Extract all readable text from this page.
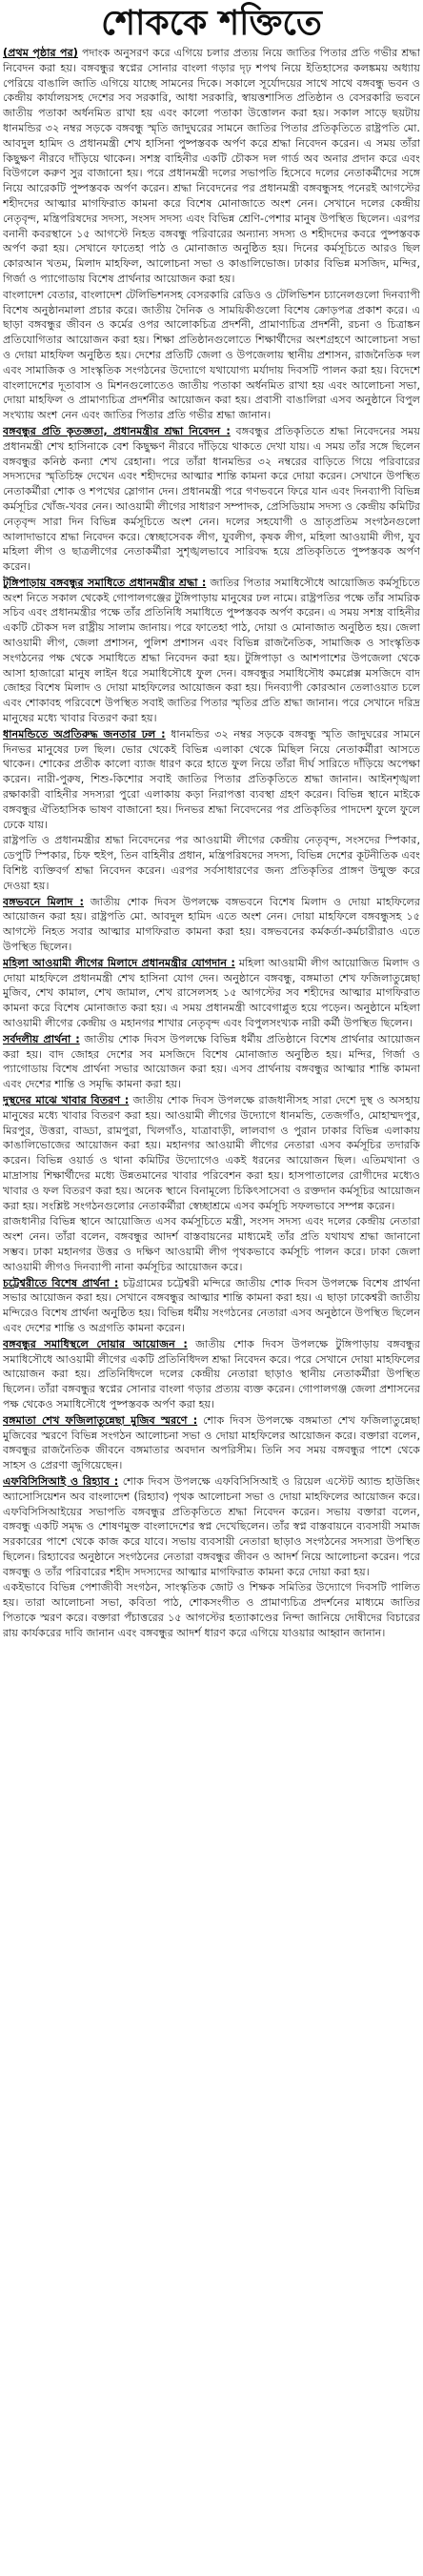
শোককে শক্তিতে

(প্রথম পৃষ্ঠার পর) পদাংক অনুসরণ করে এগিয়ে চলার প্রত্যয় নিয়ে জাতির পিতার প্রতি গভীর শ্রদ্ধা নিবেদন করা হয়। বঙ্গবন্ধুর স্বপ্নের সোনার বাংলা গড়ার দৃঢ় শপথ নিয়ে ইতিহাসের কলঙ্কময় অধ্যায় পেরিয়ে বাঙালি জাতি এগিয়ে যাচ্ছে সামনের দিকে। সকালে সূর্যোদয়ের সাথে সাথে বঙ্গবন্ধু ভবন ও কেন্দ্রীয় কার্যালয়সহ দেশের সব সরকারি, আধা সরকারি, স্বায়ত্তশাসিত প্রতিষ্ঠান ও বেসরকারি ভবনে জাতীয় পতাকা অর্ধনমিত রাখা হয় এবং কালো পতাকা উত্তোলন করা হয়। সকাল সাড়ে ছয়টায় ধানমন্ডির ৩২ নম্বর সড়কে বঙ্গবন্ধু স্মৃতি জাদুঘরের সামনে জাতির পিতার প্রতিকৃতিতে রাষ্ট্রপতি মো. আবদুল হামিদ ও প্রধানমন্ত্রী শেখ হাসিনা পুষ্পস্তবক অর্পণ করে শ্রদ্ধা নিবেদন করেন। এ সময় তাঁরা কিছুক্ষণ নীরবে দাঁড়িয়ে থাকেন। সশস্ত্র বাহিনীর একটি চৌকস দল গার্ড অব অনার প্রদান করে এবং বিউগলে করুণ সুর বাজানো হয়। পরে প্রধানমন্ত্রী দলের সভাপতি হিসেবে দলের নেতাকর্মীদের সঙ্গে নিয়ে আরেকটি পুষ্পস্তবক অর্পণ করেন। শ্রদ্ধা নিবেদনের পর প্রধানমন্ত্রী বঙ্গবন্ধুসহ পনেরই আগস্টের শহীদদের আত্মার মাগফিরাত কামনা করে বিশেষ মোনাজাতে অংশ নেন। সেখানে দলের কেন্দ্রীয় নেতৃবৃন্দ, মন্ত্রিপরিষদের সদস্য, সংসদ সদস্য এবং বিভিন্ন শ্রেণি-পেশার মানুষ উপস্থিত ছিলেন। এরপর বনানী কবরস্থানে ১৫ আগস্টে নিহত বঙ্গবন্ধু পরিবারের অন্যান্য সদস্য ও শহীদদের কবরে পুষ্পস্তবক অর্পণ করা হয়। সেখানে ফাতেহা পাঠ ও মোনাজাত অনুষ্ঠিত হয়। দিনের কর্মসূচিতে আরও ছিল কোরআন খতম, মিলাদ মাহফিল, আলোচনা সভা ও কাঙালিভোজ। ঢাকার বিভিন্ন মসজিদ, মন্দির, গির্জা ও প্যাগোডায় বিশেষ প্রার্থনার আয়োজন করা হয়।

বাংলাদেশ বেতার, বাংলাদেশ টেলিভিশনসহ বেসরকারি রেডিও ও টেলিভিশন চ্যানেলগুলো দিনব্যাপী বিশেষ অনুষ্ঠানমালা প্রচার করে। জাতীয় দৈনিক ও সাময়িকীগুলো বিশেষ ক্রোড়পত্র প্রকাশ করে। এ ছাড়া বঙ্গবন্ধুর জীবন ও কর্মের ওপর আলোকচিত্র প্রদর্শনী, প্রামাণ্যচিত্র প্রদর্শনী, রচনা ও চিত্রাঙ্কন প্রতিযোগিতার আয়োজন করা হয়। শিক্ষা প্রতিষ্ঠানগুলোতে শিক্ষার্থীদের অংশগ্রহণে আলোচনা সভা ও দোয়া মাহফিল অনুষ্ঠিত হয়। দেশের প্রতিটি জেলা ও উপজেলায় স্থানীয় প্রশাসন, রাজনৈতিক দল এবং সামাজিক ও সাংস্কৃতিক সংগঠনের উদ্যোগে যথাযোগ্য মর্যাদায় দিবসটি পালন করা হয়। বিদেশে বাংলাদেশের দূতাবাস ও মিশনগুলোতেও জাতীয় পতাকা অর্ধনমিত রাখা হয় এবং আলোচনা সভা, দোয়া মাহফিল ও প্রামাণ্যচিত্র প্রদর্শনীর আয়োজন করা হয়। প্রবাসী বাঙালিরা এসব অনুষ্ঠানে বিপুল সংখ্যায় অংশ নেন এবং জাতির পিতার প্রতি গভীর শ্রদ্ধা জানান।

বঙ্গবন্ধুর প্রতি কৃতজ্ঞতা, প্রধানমন্ত্রীর শ্রদ্ধা নিবেদন : বঙ্গবন্ধুর প্রতিকৃতিতে শ্রদ্ধা নিবেদনের সময় প্রধানমন্ত্রী শেখ হাসিনাকে বেশ কিছুক্ষণ নীরবে দাঁড়িয়ে থাকতে দেখা যায়। এ সময় তাঁর সঙ্গে ছিলেন বঙ্গবন্ধুর কনিষ্ঠ কন্যা শেখ রেহানা। পরে তাঁরা ধানমন্ডির ৩২ নম্বরের বাড়িতে গিয়ে পরিবারের সদস্যদের স্মৃতিচিহ্ন দেখেন এবং শহীদদের আত্মার শান্তি কামনা করে দোয়া করেন। সেখানে উপস্থিত নেতাকর্মীরা শোক ও শপথের স্লোগান দেন। প্রধানমন্ত্রী পরে গণভবনে ফিরে যান এবং দিনব্যাপী বিভিন্ন কর্মসূচির খোঁজ-খবর নেন। আওয়ামী লীগের সাধারণ সম্পাদক, প্রেসিডিয়াম সদস্য ও কেন্দ্রীয় কমিটির নেতৃবৃন্দ সারা দিন বিভিন্ন কর্মসূচিতে অংশ নেন। দলের সহযোগী ও ভ্রাতৃপ্রতিম সংগঠনগুলো আলাদাভাবে শ্রদ্ধা নিবেদন করে। স্বেচ্ছাসেবক লীগ, যুবলীগ, কৃষক লীগ, মহিলা আওয়ামী লীগ, যুব মহিলা লীগ ও ছাত্রলীগের নেতাকর্মীরা সুশৃঙ্খলভাবে সারিবদ্ধ হয়ে প্রতিকৃতিতে পুষ্পস্তবক অর্পণ করেন।

টুঙ্গিপাড়ায় বঙ্গবন্ধুর সমাধিতে প্রধানমন্ত্রীর শ্রদ্ধা : জাতির পিতার সমাধিসৌধে আয়োজিত কর্মসূচিতে অংশ নিতে সকাল থেকেই গোপালগঞ্জের টুঙ্গিপাড়ায় মানুষের ঢল নামে। রাষ্ট্রপতির পক্ষে তাঁর সামরিক সচিব এবং প্রধানমন্ত্রীর পক্ষে তাঁর প্রতিনিধি সমাধিতে পুষ্পস্তবক অর্পণ করেন। এ সময় সশস্ত্র বাহিনীর একটি চৌকস দল রাষ্ট্রীয় সালাম জানায়। পরে ফাতেহা পাঠ, দোয়া ও মোনাজাত অনুষ্ঠিত হয়। জেলা আওয়ামী লীগ, জেলা প্রশাসন, পুলিশ প্রশাসন এবং বিভিন্ন রাজনৈতিক, সামাজিক ও সাংস্কৃতিক সংগঠনের পক্ষ থেকে সমাধিতে শ্রদ্ধা নিবেদন করা হয়। টুঙ্গিপাড়া ও আশপাশের উপজেলা থেকে আসা হাজারো মানুষ লাইন ধরে সমাধিসৌধে ফুল দেন। বঙ্গবন্ধুর সমাধিসৌধ কমপ্লেক্স মসজিদে বাদ জোহর বিশেষ মিলাদ ও দোয়া মাহফিলের আয়োজন করা হয়। দিনব্যাপী কোরআন তেলাওয়াত চলে এবং শোকাবহ পরিবেশে উপস্থিত সবাই জাতির পিতার স্মৃতির প্রতি শ্রদ্ধা জানান। পরে সেখানে দরিদ্র মানুষের মধ্যে খাবার বিতরণ করা হয়।

ধানমন্ডিতে অপ্রতিরুদ্ধ জনতার ঢল : ধানমন্ডির ৩২ নম্বর সড়কে বঙ্গবন্ধু স্মৃতি জাদুঘরের সামনে দিনভর মানুষের ঢল ছিল। ভোর থেকেই বিভিন্ন এলাকা থেকে মিছিল নিয়ে নেতাকর্মীরা আসতে থাকেন। শোকের প্রতীক কালো ব্যাজ ধারণ করে হাতে ফুল নিয়ে তাঁরা দীর্ঘ সারিতে দাঁড়িয়ে অপেক্ষা করেন। নারী-পুরুষ, শিশু-কিশোর সবাই জাতির পিতার প্রতিকৃতিতে শ্রদ্ধা জানান। আইনশৃঙ্খলা রক্ষাকারী বাহিনীর সদস্যরা পুরো এলাকায় কড়া নিরাপত্তা ব্যবস্থা গ্রহণ করেন। বিভিন্ন স্থানে মাইকে বঙ্গবন্ধুর ঐতিহাসিক ভাষণ বাজানো হয়। দিনভর শ্রদ্ধা নিবেদনের পর প্রতিকৃতির পাদদেশ ফুলে ফুলে ঢেকে যায়।

রাষ্ট্রপতি ও প্রধানমন্ত্রীর শ্রদ্ধা নিবেদনের পর আওয়ামী লীগের কেন্দ্রীয় নেতৃবৃন্দ, সংসদের স্পিকার, ডেপুটি স্পিকার, চিফ হুইপ, তিন বাহিনীর প্রধান, মন্ত্রিপরিষদের সদস্য, বিভিন্ন দেশের কূটনীতিক এবং বিশিষ্ট ব্যক্তিবর্গ শ্রদ্ধা নিবেদন করেন। এরপর সর্বসাধারণের জন্য প্রতিকৃতির প্রাঙ্গণ উন্মুক্ত করে দেওয়া হয়।

বঙ্গভবনে মিলাদ : জাতীয় শোক দিবস উপলক্ষে বঙ্গভবনে বিশেষ মিলাদ ও দোয়া মাহফিলের আয়োজন করা হয়। রাষ্ট্রপতি মো. আবদুল হামিদ এতে অংশ নেন। দোয়া মাহফিলে বঙ্গবন্ধুসহ ১৫ আগস্টে নিহত সবার আত্মার মাগফিরাত কামনা করা হয়। বঙ্গভবনের কর্মকর্তা-কর্মচারীরাও এতে উপস্থিত ছিলেন।

মহিলা আওয়ামী লীগের মিলাদে প্রধানমন্ত্রীর যোগদান : মহিলা আওয়ামী লীগ আয়োজিত মিলাদ ও দোয়া মাহফিলে প্রধানমন্ত্রী শেখ হাসিনা যোগ দেন। অনুষ্ঠানে বঙ্গবন্ধু, বঙ্গমাতা শেখ ফজিলাতুন্নেছা মুজিব, শেখ কামাল, শেখ জামাল, শেখ রাসেলসহ ১৫ আগস্টের সব শহীদের আত্মার মাগফিরাত কামনা করে বিশেষ মোনাজাত করা হয়। এ সময় প্রধানমন্ত্রী আবেগাপ্লুত হয়ে পড়েন। অনুষ্ঠানে মহিলা আওয়ামী লীগের কেন্দ্রীয় ও মহানগর শাখার নেতৃবৃন্দ এবং বিপুলসংখ্যক নারী কর্মী উপস্থিত ছিলেন।

সর্বদলীয় প্রার্থনা : জাতীয় শোক দিবস উপলক্ষে বিভিন্ন ধর্মীয় প্রতিষ্ঠানে বিশেষ প্রার্থনার আয়োজন করা হয়। বাদ জোহর দেশের সব মসজিদে বিশেষ মোনাজাত অনুষ্ঠিত হয়। মন্দির, গির্জা ও প্যাগোডায় বিশেষ প্রার্থনা সভার আয়োজন করা হয়। এসব প্রার্থনায় বঙ্গবন্ধুর আত্মার শান্তি কামনা এবং দেশের শান্তি ও সমৃদ্ধি কামনা করা হয়।

দুস্থদের মাঝে খাবার বিতরণ : জাতীয় শোক দিবস উপলক্ষে রাজধানীসহ সারা দেশে দুস্থ ও অসহায় মানুষের মধ্যে খাবার বিতরণ করা হয়। আওয়ামী লীগের উদ্যোগে ধানমন্ডি, তেজগাঁও, মোহাম্মদপুর, মিরপুর, উত্তরা, বাড্ডা, রামপুরা, খিলগাঁও, যাত্রাবাড়ী, লালবাগ ও পুরান ঢাকার বিভিন্ন এলাকায় কাঙালিভোজের আয়োজন করা হয়। মহানগর আওয়ামী লীগের নেতারা এসব কর্মসূচির তদারকি করেন। বিভিন্ন ওয়ার্ড ও থানা কমিটির উদ্যোগেও একই ধরনের আয়োজন ছিল। এতিমখানা ও মাদ্রাসায় শিক্ষার্থীদের মধ্যে উন্নতমানের খাবার পরিবেশন করা হয়। হাসপাতালের রোগীদের মধ্যেও খাবার ও ফল বিতরণ করা হয়। অনেক স্থানে বিনামূল্যে চিকিৎসাসেবা ও রক্তদান কর্মসূচির আয়োজন করা হয়। সংশ্লিষ্ট সংগঠনগুলোর নেতাকর্মীরা স্বেচ্ছাশ্রমে এসব কর্মসূচি সফলভাবে সম্পন্ন করেন।

রাজধানীর বিভিন্ন স্থানে আয়োজিত এসব কর্মসূচিতে মন্ত্রী, সংসদ সদস্য এবং দলের কেন্দ্রীয় নেতারা অংশ নেন। তাঁরা বলেন, বঙ্গবন্ধুর আদর্শ বাস্তবায়নের মাধ্যমেই তাঁর প্রতি যথাযথ শ্রদ্ধা জানানো সম্ভব। ঢাকা মহানগর উত্তর ও দক্ষিণ আওয়ামী লীগ পৃথকভাবে কর্মসূচি পালন করে। ঢাকা জেলা আওয়ামী লীগও দিনব্যাপী নানা কর্মসূচির আয়োজন করে।

চট্টেশ্বরীতে বিশেষ প্রার্থনা : চট্টগ্রামের চট্টেশ্বরী মন্দিরে জাতীয় শোক দিবস উপলক্ষে বিশেষ প্রার্থনা সভার আয়োজন করা হয়। সেখানে বঙ্গবন্ধুর আত্মার শান্তি কামনা করা হয়। এ ছাড়া ঢাকেশ্বরী জাতীয় মন্দিরেও বিশেষ প্রার্থনা অনুষ্ঠিত হয়। বিভিন্ন ধর্মীয় সংগঠনের নেতারা এসব অনুষ্ঠানে উপস্থিত ছিলেন এবং দেশের শান্তি ও অগ্রগতি কামনা করেন।

বঙ্গবন্ধুর সমাধিস্থলে দোয়ার আয়োজন : জাতীয় শোক দিবস উপলক্ষে টুঙ্গিপাড়ায় বঙ্গবন্ধুর সমাধিসৌধে আওয়ামী লীগের একটি প্রতিনিধিদল শ্রদ্ধা নিবেদন করে। পরে সেখানে দোয়া মাহফিলের আয়োজন করা হয়। প্রতিনিধিদলে দলের কেন্দ্রীয় নেতারা ছাড়াও স্থানীয় নেতাকর্মীরা উপস্থিত ছিলেন। তাঁরা বঙ্গবন্ধুর স্বপ্নের সোনার বাংলা গড়ার প্রত্যয় ব্যক্ত করেন। গোপালগঞ্জ জেলা প্রশাসনের পক্ষ থেকেও সমাধিসৌধে পুষ্পস্তবক অর্পণ করা হয়।

বঙ্গমাতা শেখ ফজিলাতুন্নেছা মুজিব স্মরণে : শোক দিবস উপলক্ষে বঙ্গমাতা শেখ ফজিলাতুন্নেছা মুজিবের স্মরণে বিভিন্ন সংগঠন আলোচনা সভা ও দোয়া মাহফিলের আয়োজন করে। বক্তারা বলেন, বঙ্গবন্ধুর রাজনৈতিক জীবনে বঙ্গমাতার অবদান অপরিসীম। তিনি সব সময় বঙ্গবন্ধুর পাশে থেকে সাহস ও প্রেরণা জুগিয়েছেন।

এফবিসিসিআই ও রিহ্যাব : শোক দিবস উপলক্ষে এফবিসিসিআই ও রিয়েল এস্টেট অ্যান্ড হাউজিং অ্যাসোসিয়েশন অব বাংলাদেশ (রিহ্যাব) পৃথক আলোচনা সভা ও দোয়া মাহফিলের আয়োজন করে। এফবিসিসিআইয়ের সভাপতি বঙ্গবন্ধুর প্রতিকৃতিতে শ্রদ্ধা নিবেদন করেন। সভায় বক্তারা বলেন, বঙ্গবন্ধু একটি সমৃদ্ধ ও শোষণমুক্ত বাংলাদেশের স্বপ্ন দেখেছিলেন। তাঁর স্বপ্ন বাস্তবায়নে ব্যবসায়ী সমাজ সরকারের পাশে থেকে কাজ করে যাবে। সভায় ব্যবসায়ী নেতারা ছাড়াও সংগঠনের সদস্যরা উপস্থিত ছিলেন। রিহ্যাবের অনুষ্ঠানে সংগঠনের নেতারা বঙ্গবন্ধুর জীবন ও আদর্শ নিয়ে আলোচনা করেন। পরে বঙ্গবন্ধু ও তাঁর পরিবারের শহীদ সদস্যদের আত্মার মাগফিরাত কামনা করে দোয়া করা হয়।

একইভাবে বিভিন্ন পেশাজীবী সংগঠন, সাংস্কৃতিক জোট ও শিক্ষক সমিতির উদ্যোগে দিবসটি পালিত হয়। তারা আলোচনা সভা, কবিতা পাঠ, শোকসংগীত ও প্রামাণ্যচিত্র প্রদর্শনের মাধ্যমে জাতির পিতাকে স্মরণ করে। বক্তারা পঁচাত্তরের ১৫ আগস্টের হত্যাকাণ্ডের নিন্দা জানিয়ে দোষীদের বিচারের রায় কার্যকরের দাবি জানান এবং বঙ্গবন্ধুর আদর্শ ধারণ করে এগিয়ে যাওয়ার আহ্বান জানান।
